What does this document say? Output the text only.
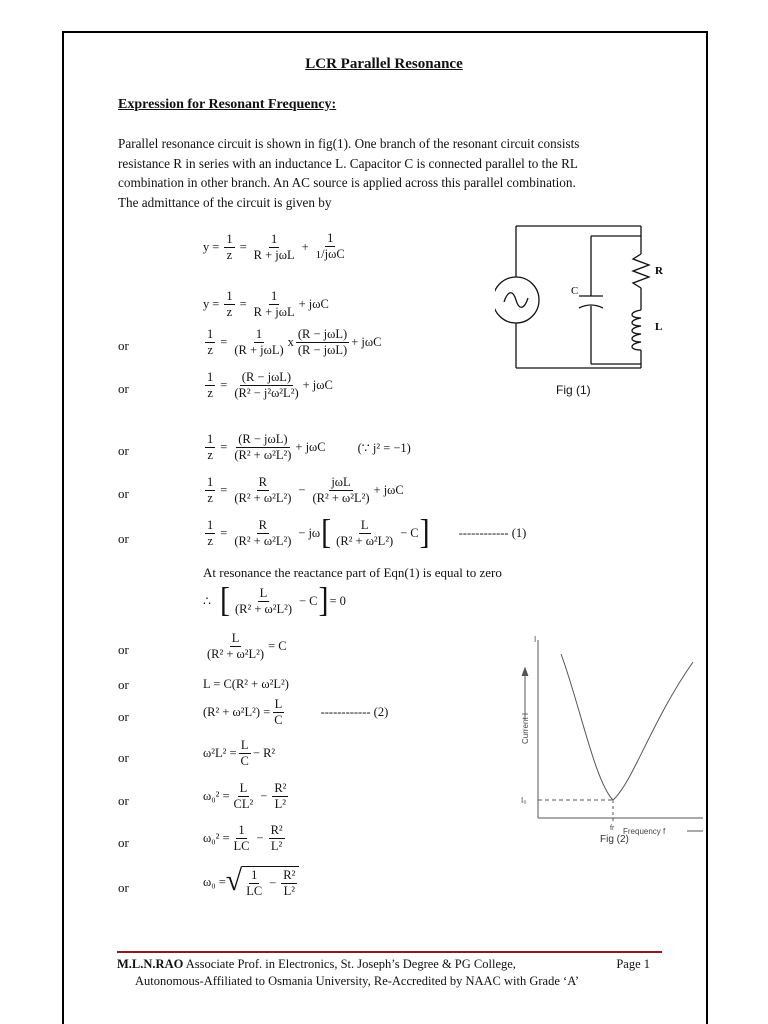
LCR Parallel Resonance
Expression for Resonant Frequency:
Parallel resonance circuit is shown in fig(1). One branch of the resonant circuit consists
resistance R in series with an inductance L. Capacitor C is connected parallel to the RL
combination in other branch. An AC source is applied across this parallel combination.
The admittance of the circuit is given by
$y = \frac{1}{z} = \frac{1}{\text{R + jωL}} + \frac{1}{\text{1/jωC}}$
$y = \frac{1}{z} = \frac{1}{\text{R + jωL}} + j\omega C$
or	$\frac{1}{z} = \frac{1}{\text{(R + jωL)}}$ x $\frac{\text{(R − jωL)}}{\text{(R − jωL)}} + j\omega C$
or	$\frac{1}{z} = \frac{\text{(R − jωL)}}{\text{(R² − j²ω²L²)}} + j\omega C$
or	$\frac{1}{z} = \frac{\text{(R − jωL)}}{\text{(R² + ω²L²)}} + j\omega C$	(∵ j² = −1)
or	$\frac{1}{z} = \frac{R}{\text{(R² + ω²L²)}} - \frac{\text{jωL}}{\text{(R² + ω²L²)}} + j\omega C$
or	$\frac{1}{z} = \frac{R}{\text{(R² + ω²L²)}} - j\omega$ [ $\frac{L}{\text{(R² + ω²L²)}} - C$ ] ------------ (1)
At resonance the reactance part of Eqn(1) is equal to zero
∴ [ $\frac{L}{\text{(R² + ω²L²)}} - C$ ] = 0
or	$\frac{L}{\text{(R² + ω²L²)}} = C$
or	L = C(R² + ω²L²)
or	$(R^2 + \omega^2L^2) = \frac{L}{C}$	------------ (2)
or	$\omega^2L^2 = \frac{L}{C} - R^2$
or	$\omega_0^2 = \frac{L}{\text{CL²}} - \frac{\text{R²}}{\text{L²}}$
or	$\omega_0^2 = \frac{1}{LC} - \frac{\text{R²}}{\text{L²}}$
or	ω₀ = √ $\frac{1}{LC} - \frac{\text{R²}}{\text{L²}}$
C
R
L
Fig (1)
I
I₀
fr Frequency f
Current I
Fig (2)
M.L.N.RAO Associate Prof. in Electronics, St. Joseph’s Degree & PG College,	Page 1
Autonomous-Affiliated to Osmania University, Re-Accredited by NAAC with Grade ‘A’
